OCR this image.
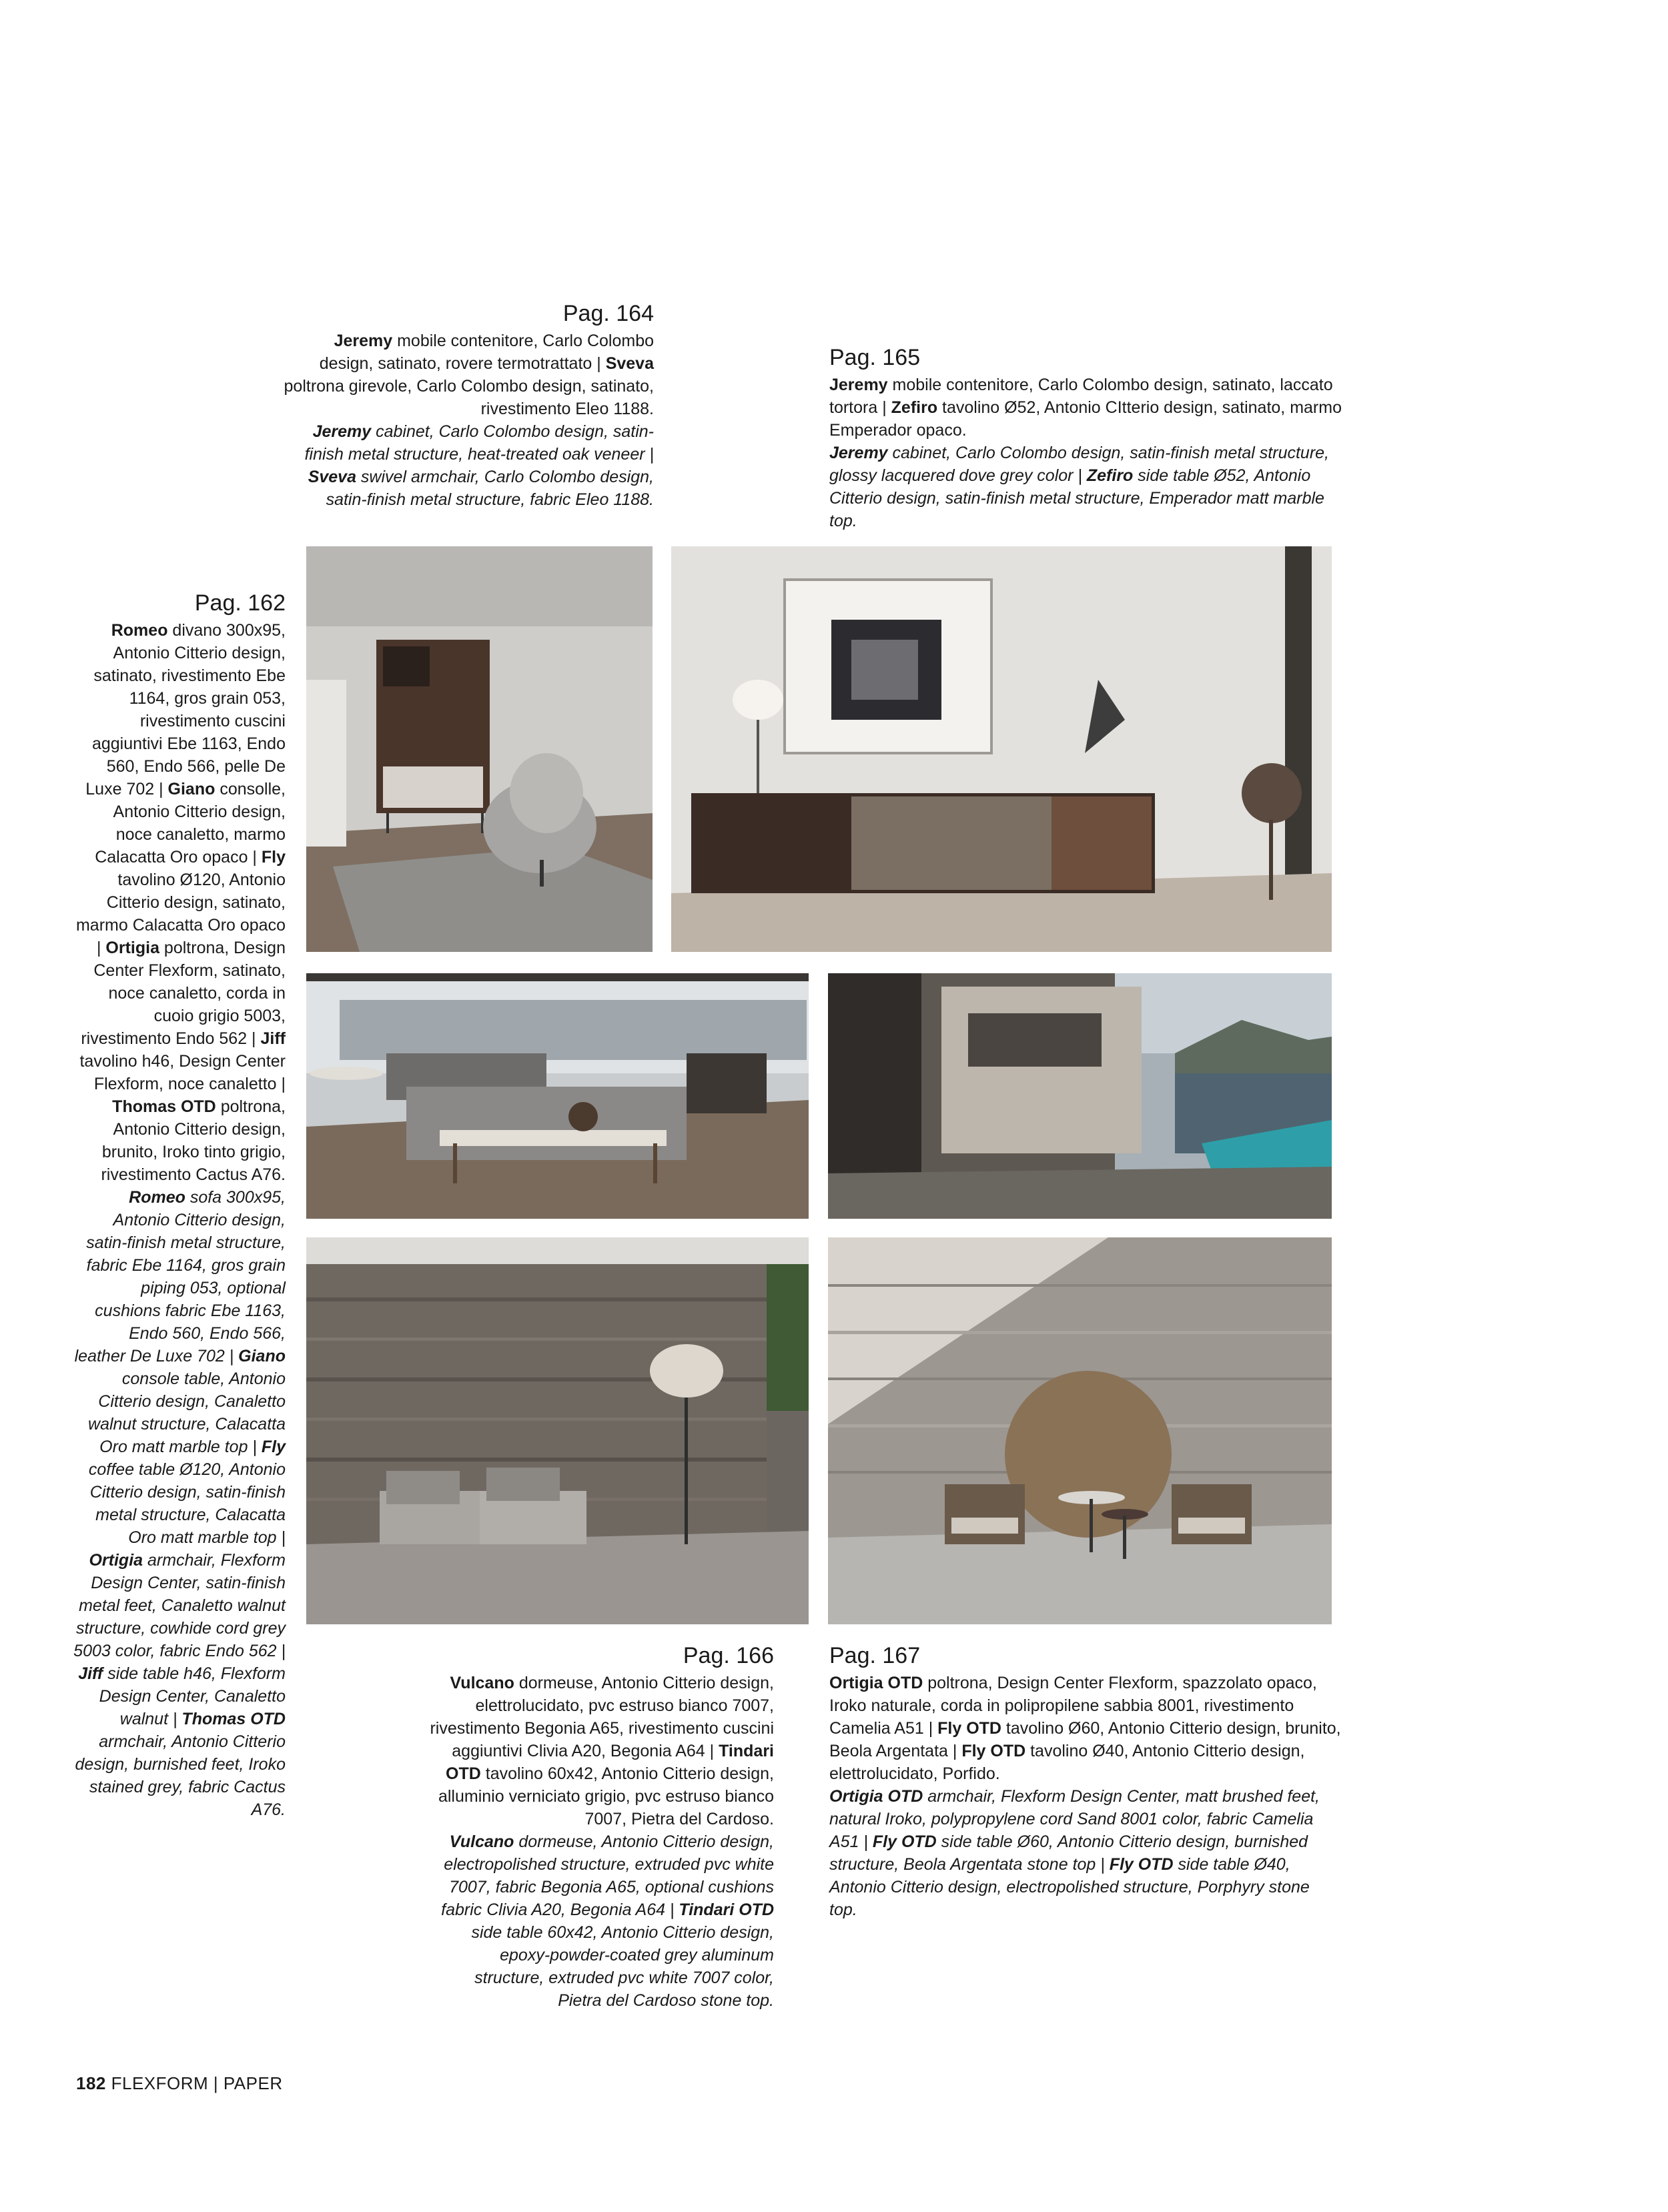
Pag. 164

Jeremy mobile contenitore, Carlo Colombo design, satinato, rovere termotrattato | Sveva poltrona girevole, Carlo Colombo design, satinato, rivestimento Eleo 1188.

Jeremy cabinet, Carlo Colombo design, satin-finish metal structure, heat-treated oak veneer | Sveva swivel armchair, Carlo Colombo design, satin-finish metal structure, fabric Eleo 1188.

Pag. 165

Jeremy mobile contenitore, Carlo Colombo design, satinato, laccato tortora | Zefiro tavolino Ø52, Antonio CItterio design, satinato, marmo Emperador opaco.

Jeremy cabinet, Carlo Colombo design, satin-finish metal structure, glossy lacquered dove grey color | Zefiro side table Ø52, Antonio Citterio design, satin-finish metal structure, Emperador matt marble top.

Pag. 162

Romeo divano 300x95, Antonio Citterio design, satinato, rivestimento Ebe 1164, gros grain 053, rivestimento cuscini aggiuntivi Ebe 1163, Endo 560, Endo 566, pelle De Luxe 702 | Giano consolle, Antonio Citterio design, noce canaletto, marmo Calacatta Oro opaco | Fly tavolino Ø120, Antonio Citterio design, satinato, marmo Calacatta Oro opaco | Ortigia poltrona, Design Center Flexform, satinato, noce canaletto, corda in cuoio grigio 5003, rivestimento Endo 562 | Jiff tavolino h46, Design Center Flexform, noce canaletto | Thomas OTD poltrona, Antonio Citterio design, brunito, Iroko tinto grigio, rivestimento Cactus A76.

Romeo sofa 300x95, Antonio Citterio design, satin-finish metal structure, fabric Ebe 1164, gros grain piping 053, optional cushions fabric Ebe 1163, Endo 560, Endo 566, leather De Luxe 702 | Giano console table, Antonio Citterio design, Canaletto walnut structure, Calacatta Oro matt marble top | Fly coffee table Ø120, Antonio Citterio design, satin-finish metal structure, Calacatta Oro matt marble top | Ortigia armchair, Flexform Design Center, satin-finish metal feet, Canaletto walnut structure, cowhide cord grey 5003 color, fabric Endo 562 | Jiff side table h46, Flexform Design Center, Canaletto walnut | Thomas OTD armchair, Antonio Citterio design, burnished feet, Iroko stained grey, fabric Cactus A76.

Pag. 166

Vulcano dormeuse, Antonio Citterio design, elettrolucidato, pvc estruso bianco 7007, rivestimento Begonia A65, rivestimento cuscini aggiuntivi Clivia A20, Begonia A64 | Tindari OTD tavolino 60x42, Antonio Citterio design, alluminio verniciato grigio, pvc estruso bianco 7007, Pietra del Cardoso.

Vulcano dormeuse, Antonio Citterio design, electropolished structure, extruded pvc white 7007, fabric Begonia A65, optional cushions fabric Clivia A20, Begonia A64 | Tindari OTD side table 60x42, Antonio Citterio design, epoxy-powder-coated grey aluminum structure, extruded pvc white 7007 color, Pietra del Cardoso stone top.

Pag. 167

Ortigia OTD poltrona, Design Center Flexform, spazzolato opaco, Iroko naturale, corda in polipropilene sabbia 8001, rivestimento Camelia A51 | Fly OTD tavolino Ø60, Antonio Citterio design, brunito, Beola Argentata | Fly OTD tavolino Ø40, Antonio Citterio design, elettrolucidato, Porfido.

Ortigia OTD armchair, Flexform Design Center, matt brushed feet, natural Iroko, polypropylene cord Sand 8001 color, fabric Camelia A51 | Fly OTD side table Ø60, Antonio Citterio design, burnished structure, Beola Argentata stone top | Fly OTD side table Ø40, Antonio Citterio design, electropolished structure, Porphyry stone top.

182 FLEXFORM | PAPER
